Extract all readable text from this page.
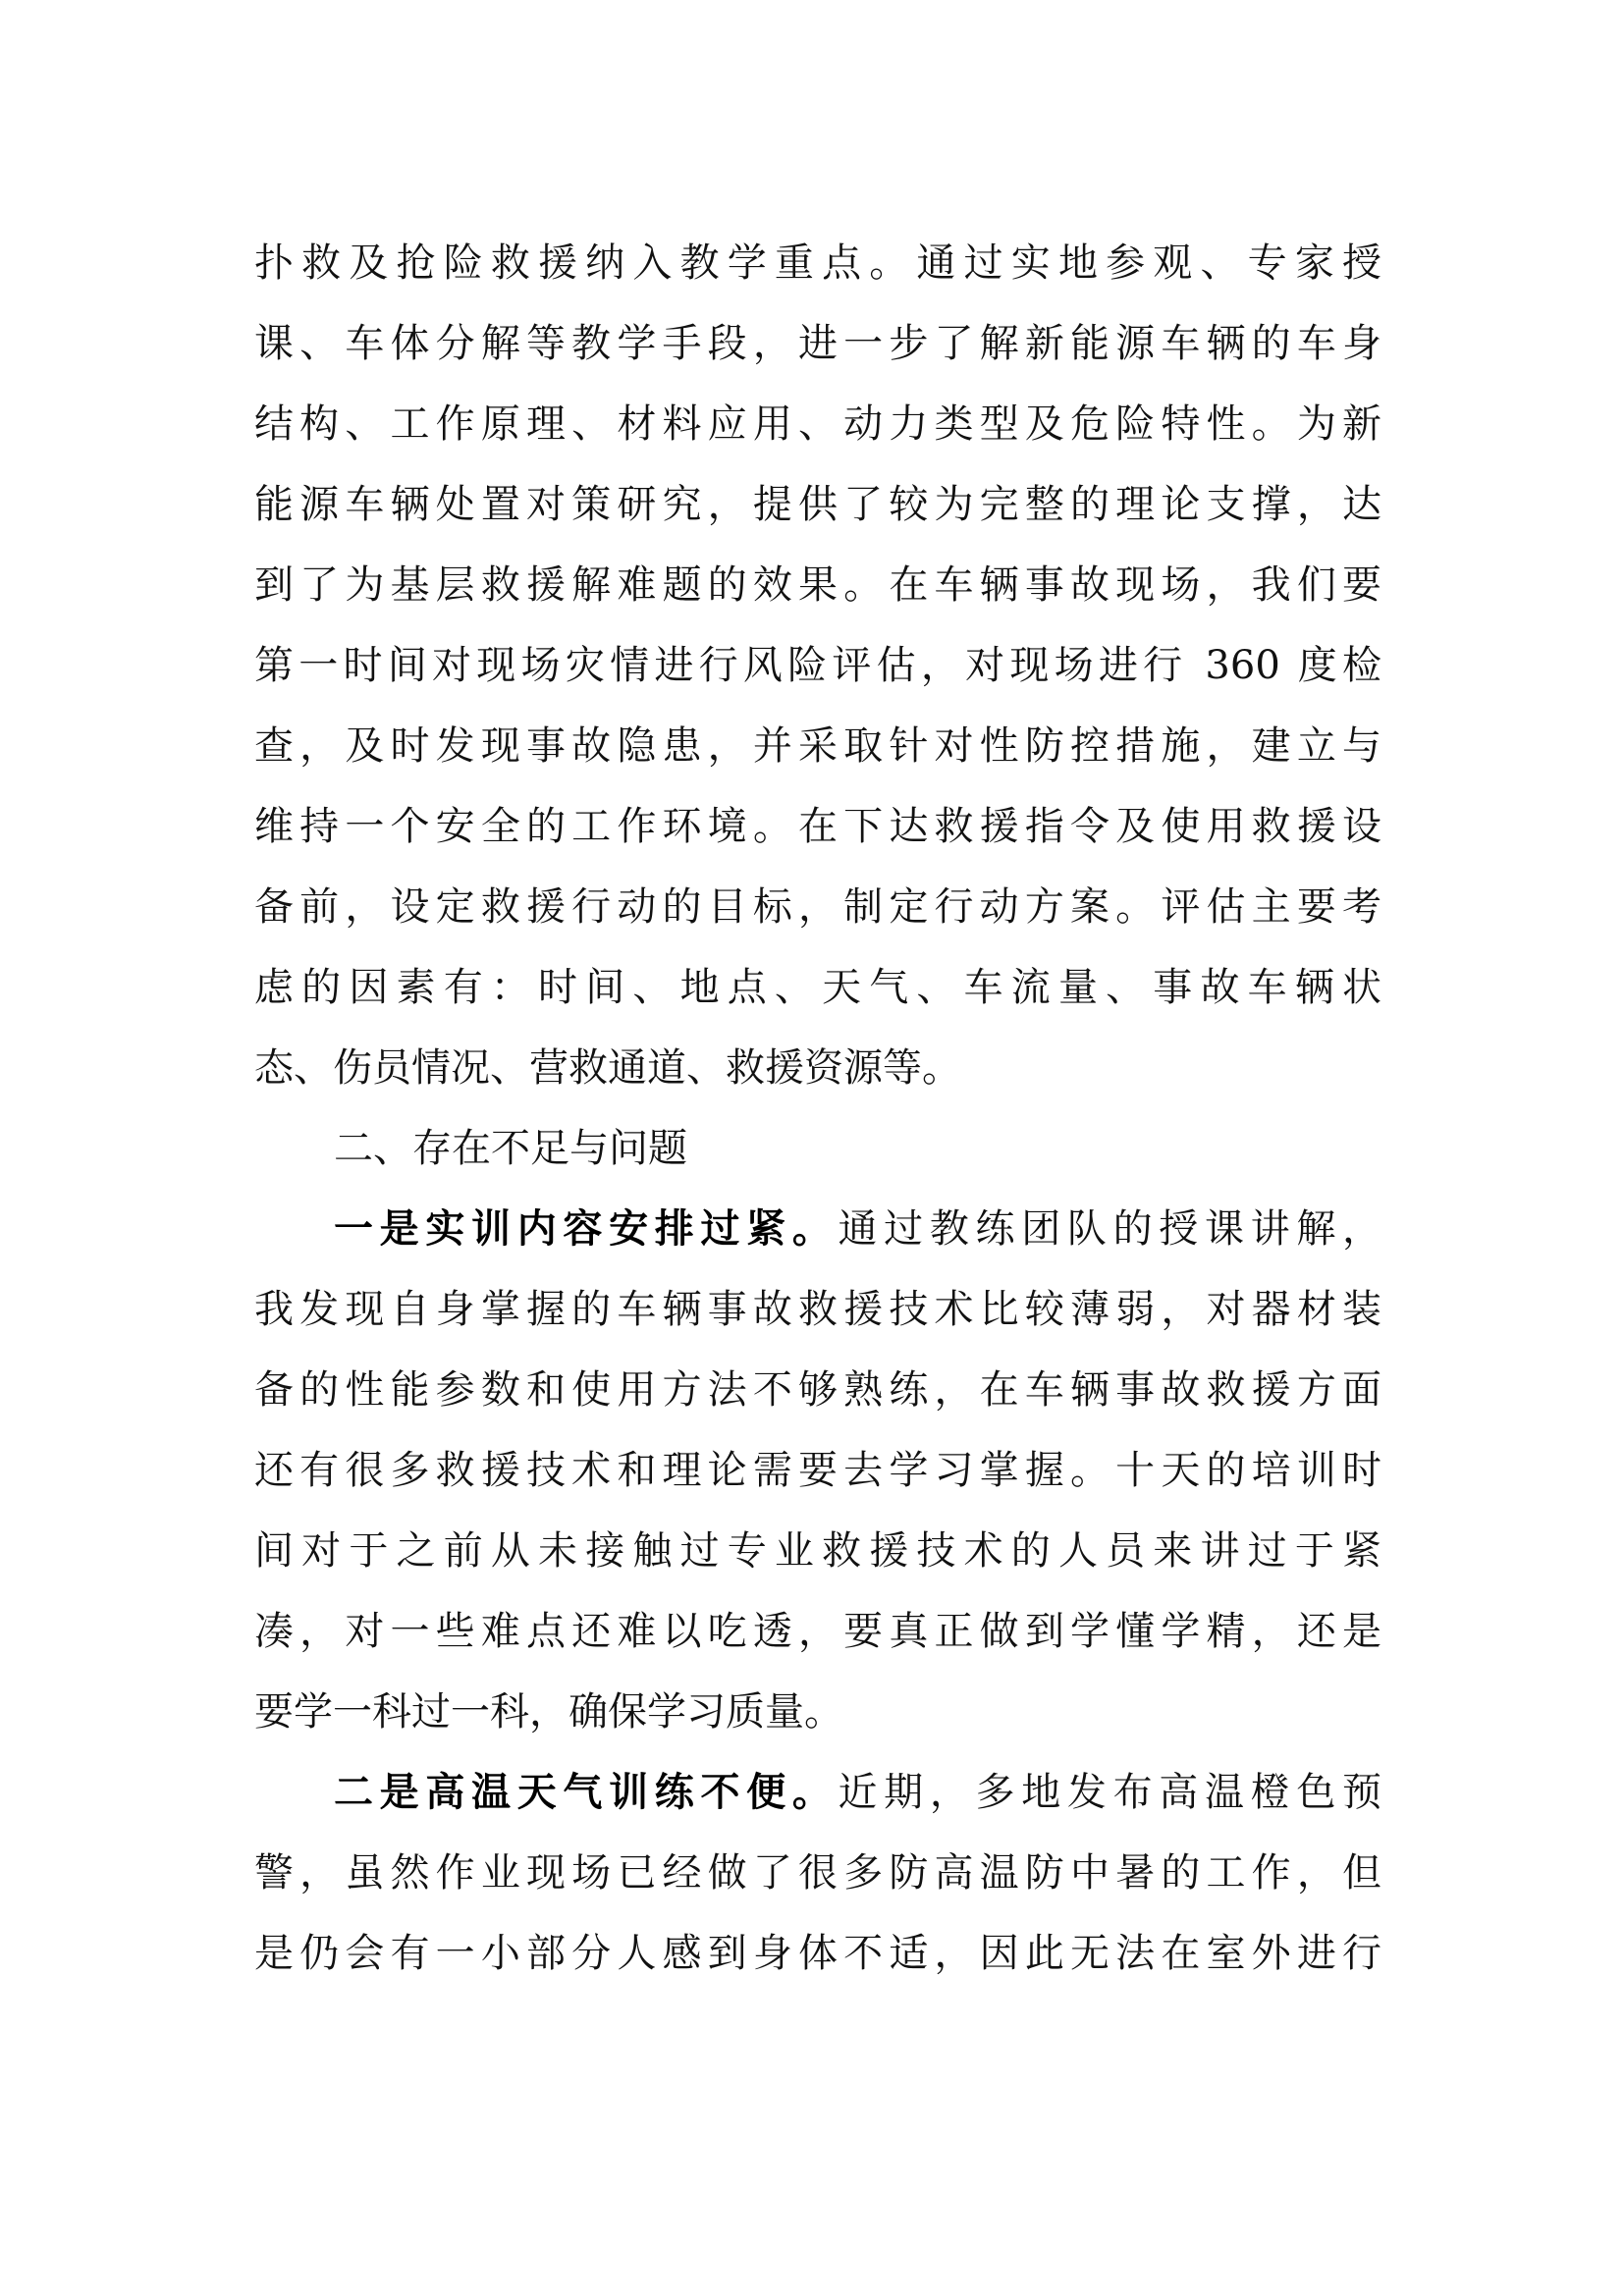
扑救及抢险救援纳入教学重点。通过实地参观、专家授
课、车体分解等教学手段，进一步了解新能源车辆的车身
结构、工作原理、材料应用、动力类型及危险特性。为新
能源车辆处置对策研究，提供了较为完整的理论支撑，达
到了为基层救援解难题的效果。在车辆事故现场，我们要
第一时间对现场灾情进行风险评估，对现场进行 360 度检
查，及时发现事故隐患，并采取针对性防控措施，建立与
维持一个安全的工作环境。在下达救援指令及使用救援设
备前，设定救援行动的目标，制定行动方案。评估主要考
虑的因素有：时间、地点、天气、车流量、事故车辆状
态、伤员情况、营救通道、救援资源等。
二、存在不足与问题
一是实训内容安排过紧。通过教练团队的授课讲解，
我发现自身掌握的车辆事故救援技术比较薄弱，对器材装
备的性能参数和使用方法不够熟练，在车辆事故救援方面
还有很多救援技术和理论需要去学习掌握。十天的培训时
间对于之前从未接触过专业救援技术的人员来讲过于紧
凑，对一些难点还难以吃透，要真正做到学懂学精，还是
要学一科过一科，确保学习质量。
二是高温天气训练不便。近期，多地发布高温橙色预
警，虽然作业现场已经做了很多防高温防中暑的工作，但
是仍会有一小部分人感到身体不适，因此无法在室外进行
